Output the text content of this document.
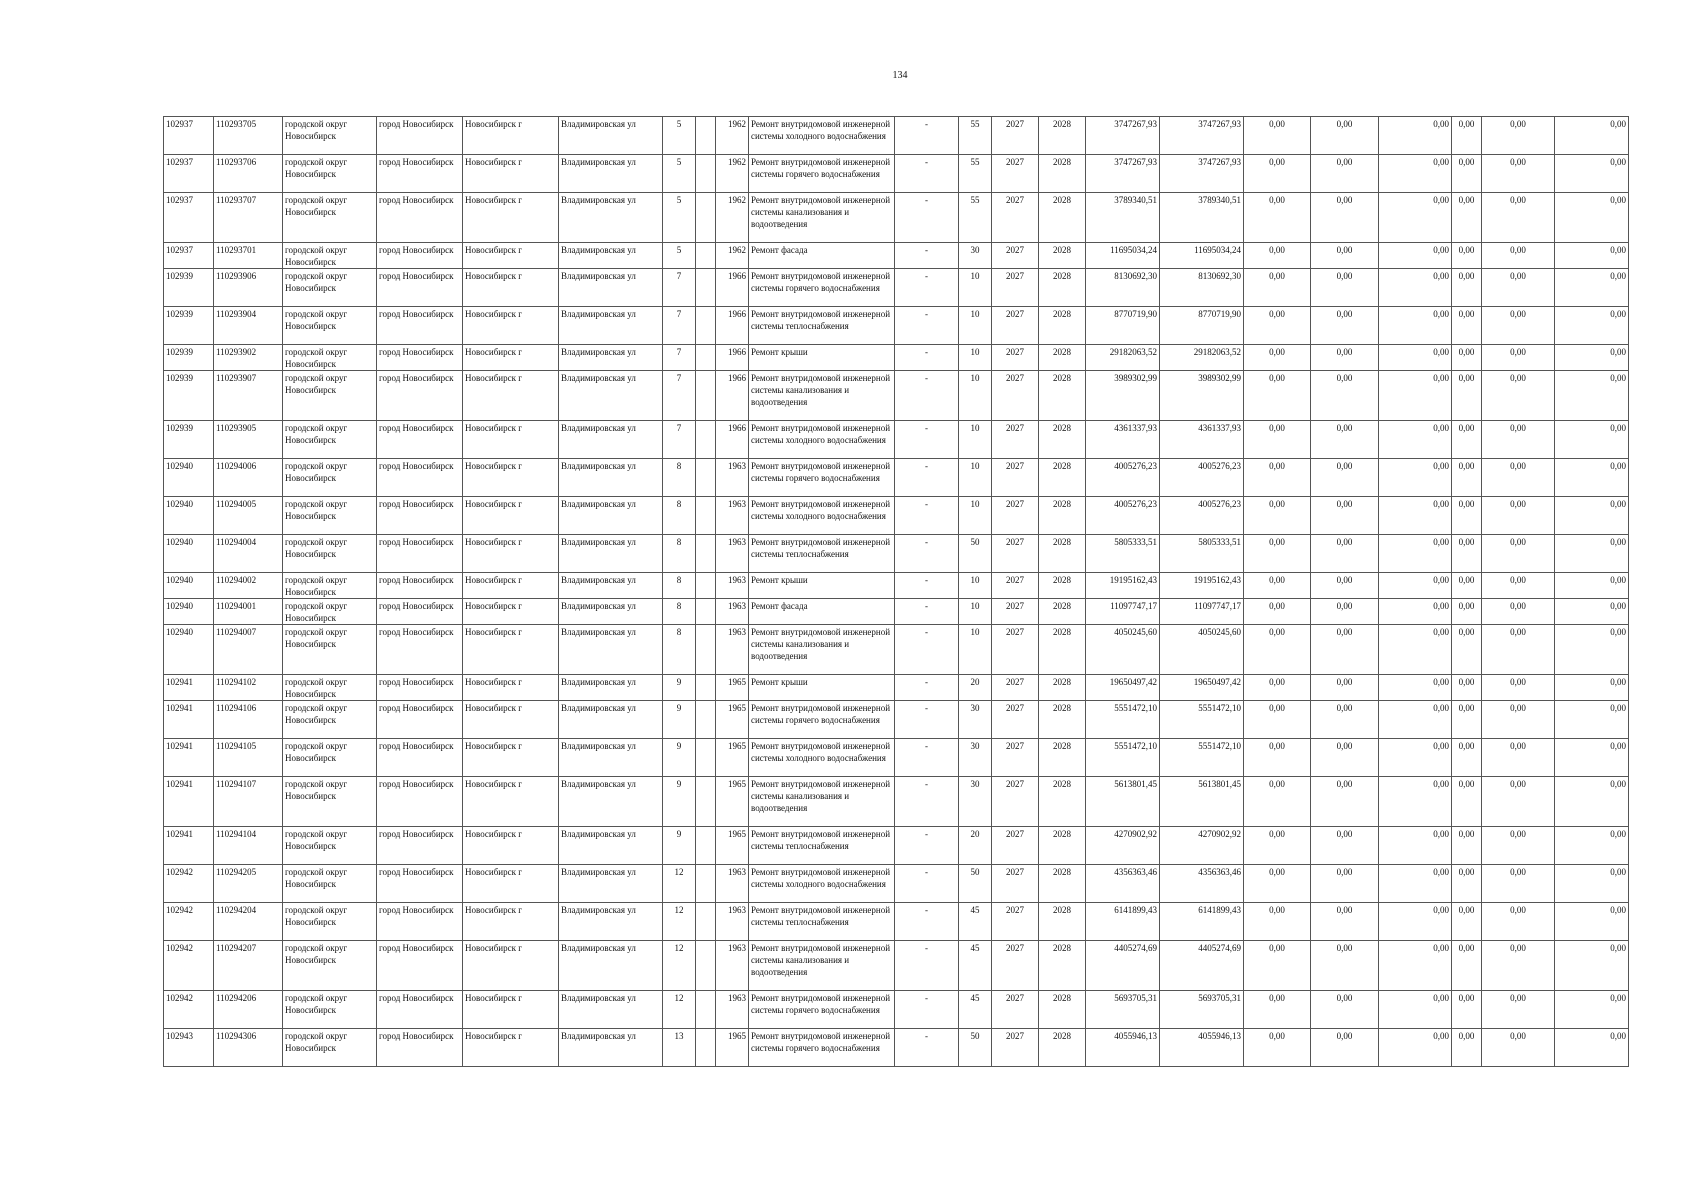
134
102937	110293705	городской округ Новосибирск	город Новосибирск	Новосибирск г	Владимировская ул	5		1962	Ремонт внутридомовой инженерной системы холодного водоснабжения	-	55	2027	2028	3747267,93	3747267,93	0,00	0,00	0,00	0,00	0,00	0,00
102937	110293706	городской округ Новосибирск	город Новосибирск	Новосибирск г	Владимировская ул	5		1962	Ремонт внутридомовой инженерной системы горячего водоснабжения	-	55	2027	2028	3747267,93	3747267,93	0,00	0,00	0,00	0,00	0,00	0,00
102937	110293707	городской округ Новосибирск	город Новосибирск	Новосибирск г	Владимировская ул	5		1962	Ремонт внутридомовой инженерной системы канализования и водоотведения	-	55	2027	2028	3789340,51	3789340,51	0,00	0,00	0,00	0,00	0,00	0,00
102937	110293701	городской округ Новосибирск	город Новосибирск	Новосибирск г	Владимировская ул	5		1962	Ремонт фасада	-	30	2027	2028	11695034,24	11695034,24	0,00	0,00	0,00	0,00	0,00	0,00
102939	110293906	городской округ Новосибирск	город Новосибирск	Новосибирск г	Владимировская ул	7		1966	Ремонт внутридомовой инженерной системы горячего водоснабжения	-	10	2027	2028	8130692,30	8130692,30	0,00	0,00	0,00	0,00	0,00	0,00
102939	110293904	городской округ Новосибирск	город Новосибирск	Новосибирск г	Владимировская ул	7		1966	Ремонт внутридомовой инженерной системы теплоснабжения	-	10	2027	2028	8770719,90	8770719,90	0,00	0,00	0,00	0,00	0,00	0,00
102939	110293902	городской округ Новосибирск	город Новосибирск	Новосибирск г	Владимировская ул	7		1966	Ремонт крыши	-	10	2027	2028	29182063,52	29182063,52	0,00	0,00	0,00	0,00	0,00	0,00
102939	110293907	городской округ Новосибирск	город Новосибирск	Новосибирск г	Владимировская ул	7		1966	Ремонт внутридомовой инженерной системы канализования и водоотведения	-	10	2027	2028	3989302,99	3989302,99	0,00	0,00	0,00	0,00	0,00	0,00
102939	110293905	городской округ Новосибирск	город Новосибирск	Новосибирск г	Владимировская ул	7		1966	Ремонт внутридомовой инженерной системы холодного водоснабжения	-	10	2027	2028	4361337,93	4361337,93	0,00	0,00	0,00	0,00	0,00	0,00
102940	110294006	городской округ Новосибирск	город Новосибирск	Новосибирск г	Владимировская ул	8		1963	Ремонт внутридомовой инженерной системы горячего водоснабжения	-	10	2027	2028	4005276,23	4005276,23	0,00	0,00	0,00	0,00	0,00	0,00
102940	110294005	городской округ Новосибирск	город Новосибирск	Новосибирск г	Владимировская ул	8		1963	Ремонт внутридомовой инженерной системы холодного водоснабжения	-	10	2027	2028	4005276,23	4005276,23	0,00	0,00	0,00	0,00	0,00	0,00
102940	110294004	городской округ Новосибирск	город Новосибирск	Новосибирск г	Владимировская ул	8		1963	Ремонт внутридомовой инженерной системы теплоснабжения	-	50	2027	2028	5805333,51	5805333,51	0,00	0,00	0,00	0,00	0,00	0,00
102940	110294002	городской округ Новосибирск	город Новосибирск	Новосибирск г	Владимировская ул	8		1963	Ремонт крыши	-	10	2027	2028	19195162,43	19195162,43	0,00	0,00	0,00	0,00	0,00	0,00
102940	110294001	городской округ Новосибирск	город Новосибирск	Новосибирск г	Владимировская ул	8		1963	Ремонт фасада	-	10	2027	2028	11097747,17	11097747,17	0,00	0,00	0,00	0,00	0,00	0,00
102940	110294007	городской округ Новосибирск	город Новосибирск	Новосибирск г	Владимировская ул	8		1963	Ремонт внутридомовой инженерной системы канализования и водоотведения	-	10	2027	2028	4050245,60	4050245,60	0,00	0,00	0,00	0,00	0,00	0,00
102941	110294102	городской округ Новосибирск	город Новосибирск	Новосибирск г	Владимировская ул	9		1965	Ремонт крыши	-	20	2027	2028	19650497,42	19650497,42	0,00	0,00	0,00	0,00	0,00	0,00
102941	110294106	городской округ Новосибирск	город Новосибирск	Новосибирск г	Владимировская ул	9		1965	Ремонт внутридомовой инженерной системы горячего водоснабжения	-	30	2027	2028	5551472,10	5551472,10	0,00	0,00	0,00	0,00	0,00	0,00
102941	110294105	городской округ Новосибирск	город Новосибирск	Новосибирск г	Владимировская ул	9		1965	Ремонт внутридомовой инженерной системы холодного водоснабжения	-	30	2027	2028	5551472,10	5551472,10	0,00	0,00	0,00	0,00	0,00	0,00
102941	110294107	городской округ Новосибирск	город Новосибирск	Новосибирск г	Владимировская ул	9		1965	Ремонт внутридомовой инженерной системы канализования и водоотведения	-	30	2027	2028	5613801,45	5613801,45	0,00	0,00	0,00	0,00	0,00	0,00
102941	110294104	городской округ Новосибирск	город Новосибирск	Новосибирск г	Владимировская ул	9		1965	Ремонт внутридомовой инженерной системы теплоснабжения	-	20	2027	2028	4270902,92	4270902,92	0,00	0,00	0,00	0,00	0,00	0,00
102942	110294205	городской округ Новосибирск	город Новосибирск	Новосибирск г	Владимировская ул	12		1963	Ремонт внутридомовой инженерной системы холодного водоснабжения	-	50	2027	2028	4356363,46	4356363,46	0,00	0,00	0,00	0,00	0,00	0,00
102942	110294204	городской округ Новосибирск	город Новосибирск	Новосибирск г	Владимировская ул	12		1963	Ремонт внутридомовой инженерной системы теплоснабжения	-	45	2027	2028	6141899,43	6141899,43	0,00	0,00	0,00	0,00	0,00	0,00
102942	110294207	городской округ Новосибирск	город Новосибирск	Новосибирск г	Владимировская ул	12		1963	Ремонт внутридомовой инженерной системы канализования и водоотведения	-	45	2027	2028	4405274,69	4405274,69	0,00	0,00	0,00	0,00	0,00	0,00
102942	110294206	городской округ Новосибирск	город Новосибирск	Новосибирск г	Владимировская ул	12		1963	Ремонт внутридомовой инженерной системы горячего водоснабжения	-	45	2027	2028	5693705,31	5693705,31	0,00	0,00	0,00	0,00	0,00	0,00
102943	110294306	городской округ Новосибирск	город Новосибирск	Новосибирск г	Владимировская ул	13		1965	Ремонт внутридомовой инженерной системы горячего водоснабжения	-	50	2027	2028	4055946,13	4055946,13	0,00	0,00	0,00	0,00	0,00	0,00
